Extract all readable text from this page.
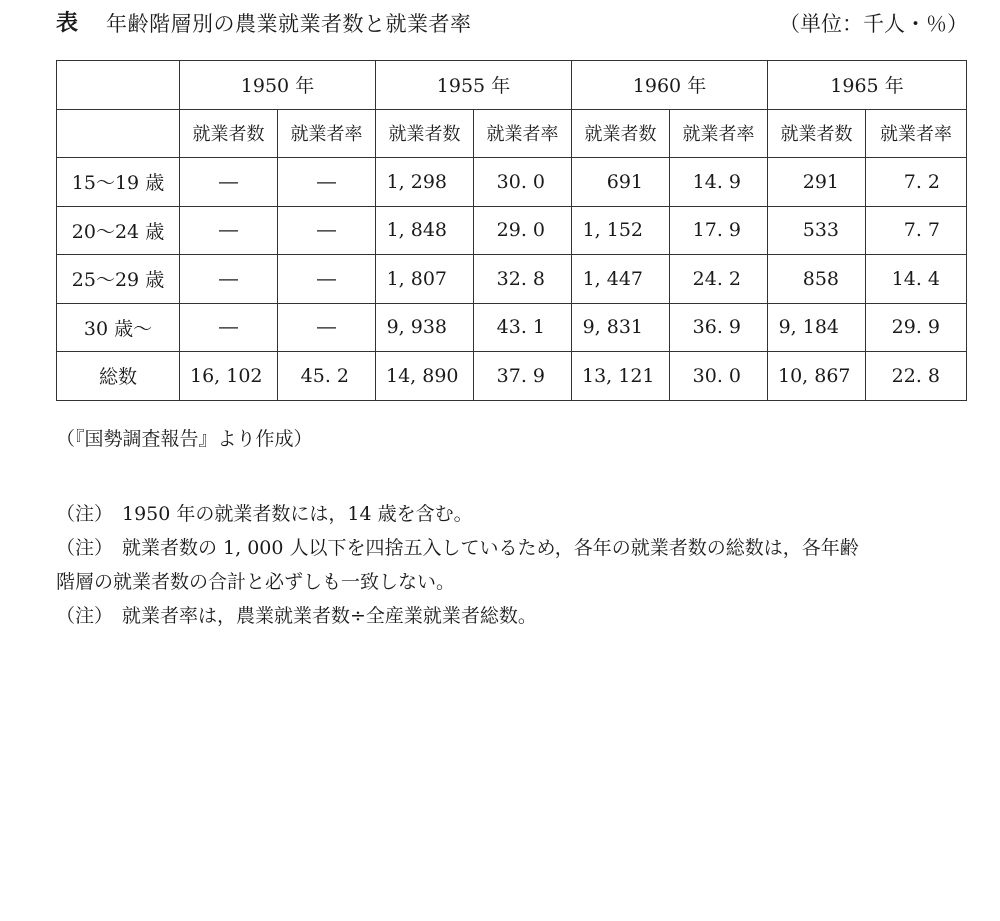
表 年齢階層別の農業就業者数と就業者率	（単位：千人・％）
	1950 年		1955 年		1960 年		1965 年	
	就業者数	就業者率	就業者数	就業者率	就業者数	就業者率	就業者数	就業者率
15～19 歳	―	―	1, 298	30. 0	691	14. 9	291	7. 2
20～24 歳	―	―	1, 848	29. 0	1, 152	17. 9	533	7. 7
25～29 歳	―	―	1, 807	32. 8	1, 447	24. 2	858	14. 4
30 歳～	―	―	9, 938	43. 1	9, 831	36. 9	9, 184	29. 9
総数	16, 102	45. 2	14, 890	37. 9	13, 121	30. 0	10, 867	22. 8
（『国勢調査報告』より作成）
（注） 1950 年の就業者数には，14 歳を含む。
（注） 就業者数の 1, 000 人以下を四捨五入しているため，各年の就業者数の総数は，各年齢
階層の就業者数の合計と必ずしも一致しない。
（注） 就業者率は，農業就業者数÷全産業就業者総数。
